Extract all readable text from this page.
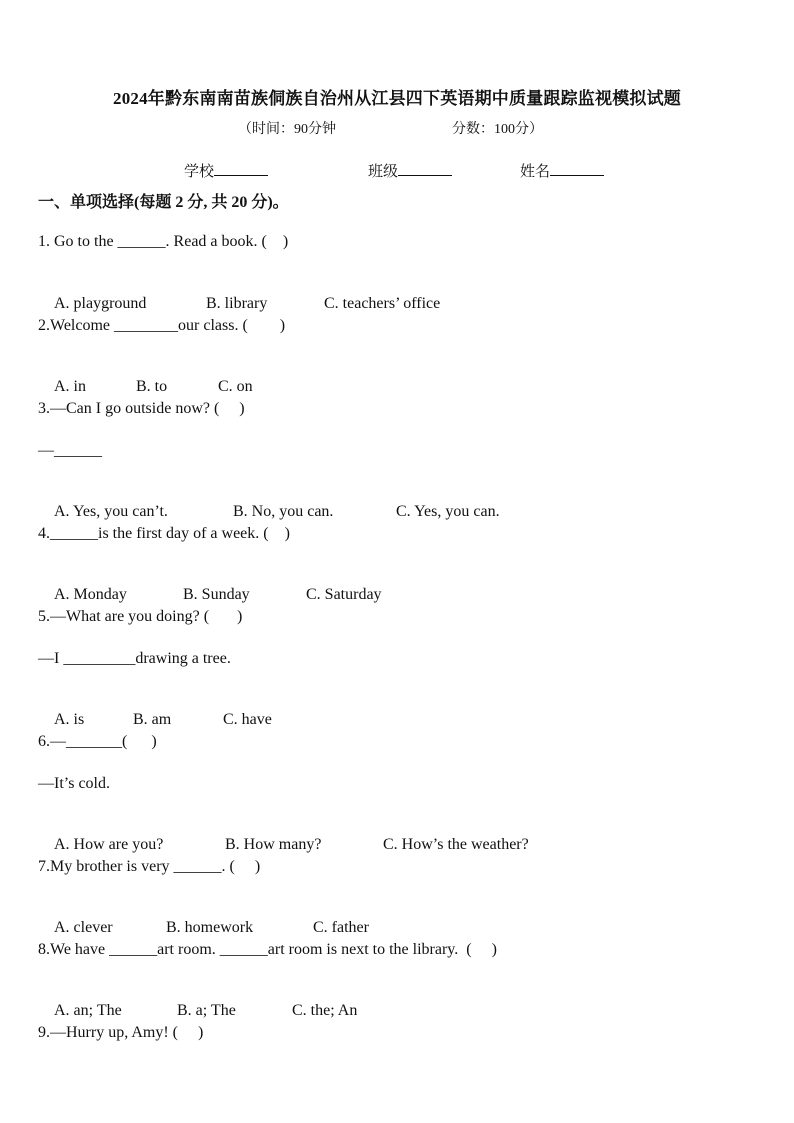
2024年黔东南南苗族侗族自治州从江县四下英语期中质量跟踪监视模拟试题
（时间：90分钟	分数：100分）
学校	班级	姓名
一、单项选择(每题 2 分, 共 20 分)。
1. Go to the ______. Read a book. (    )

A. playground	B. library	C. teachers’ office

2.Welcome ________our class. (        )

A. in	B. to	C. on

3.—Can I go outside now? (     )
—______

A. Yes, you can’t.	B. No, you can.	C. Yes, you can.

4.______is the first day of a week. (    )

A. Monday	B. Sunday	C. Saturday

5.—What are you doing? (       )
—I _________drawing a tree.

A. is	B. am	C. have

6.—_______(      )
—It’s cold.

A. How are you?	B. How many?	C. How’s the weather?

7.My brother is very ______. (     )

A. clever	B. homework	C. father

8.We have ______art room. ______art room is next to the library.  (     )

A. an; The	B. a; The	C. the; An

9.—Hurry up, Amy! (     )
